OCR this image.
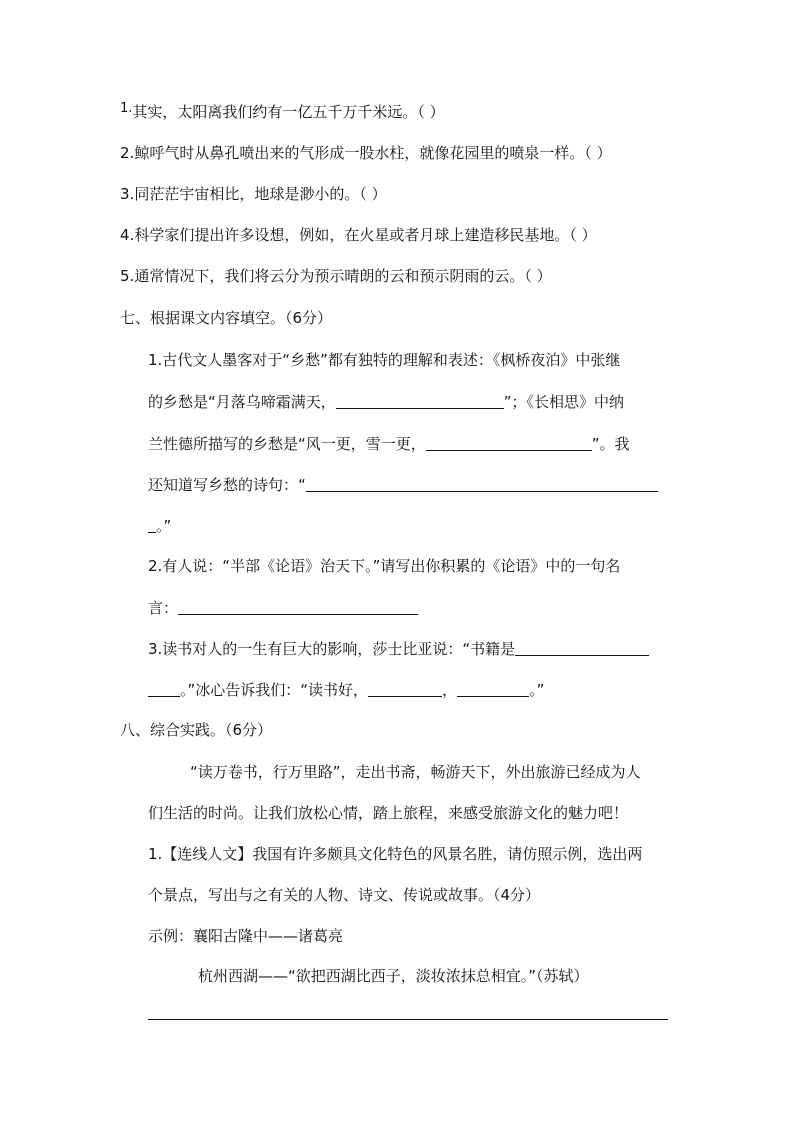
1.其实，太阳离我们约有一亿五千万千米远。（ ）
2.鲸呼气时从鼻孔喷出来的气形成一股水柱，就像花园里的喷泉一样。（ ）
3.同茫茫宇宙相比，地球是渺小的。（ ）
4.科学家们提出许多设想，例如，在火星或者月球上建造移民基地。（ ）
5.通常情况下，我们将云分为预示晴朗的云和预示阴雨的云。（ ）
七、根据课文内容填空。（6分）
1.古代文人墨客对于“乡愁”都有独特的理解和表述：《枫桥夜泊》中张继
的乡愁是“月落乌啼霜满天，	”；《长相思》中纳
兰性德所描写的乡愁是“风一更，雪一更，	”。我
还知道写乡愁的诗句：“
。”
2.有人说：“半部《论语》治天下。”请写出你积累的《论语》中的一句名
言：
3.读书对人的一生有巨大的影响，莎士比亚说：“书籍是
。”冰心告诉我们：“读书好，	，	。”
八、综合实践。（6分）
“读万卷书，行万里路”，走出书斋，畅游天下，外出旅游已经成为人
们生活的时尚。让我们放松心情，踏上旅程，来感受旅游文化的魅力吧！
1.【连线人文】我国有许多颇具文化特色的风景名胜，请仿照示例，选出两
个景点，写出与之有关的人物、诗文、传说或故事。（4分）
示例：襄阳古隆中——诸葛亮
杭州西湖——“欲把西湖比西子，淡妆浓抹总相宜。”（苏轼）
